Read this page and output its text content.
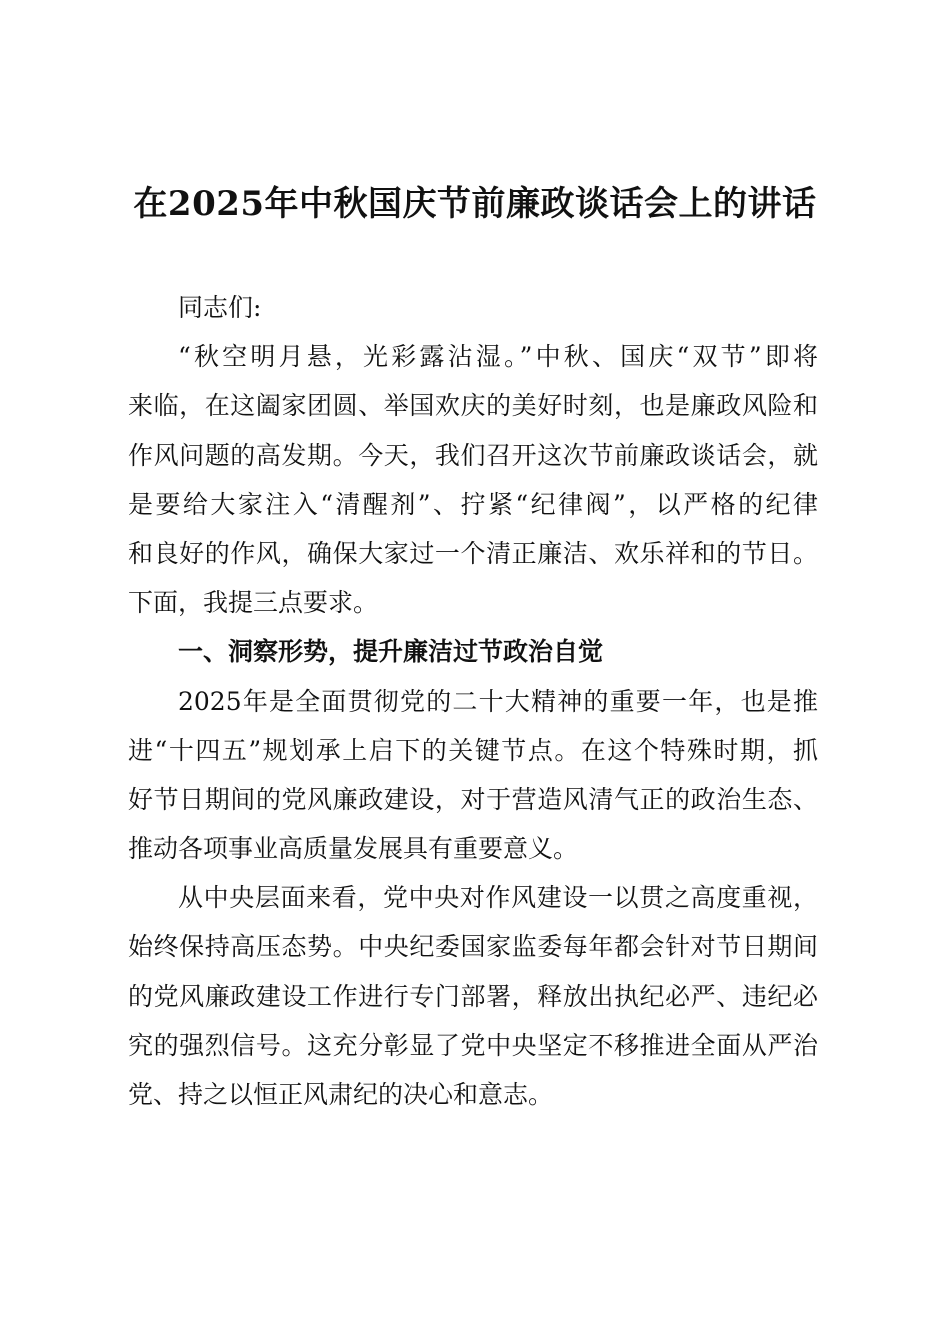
在2025年中秋国庆节前廉政谈话会上的讲话
同志们:
“秋空明月悬，光彩露沾湿。”中秋、国庆“双节”即将
来临，在这阖家团圆、举国欢庆的美好时刻，也是廉政风险和
作风问题的高发期。今天，我们召开这次节前廉政谈话会，就
是要给大家注入“清醒剂”、拧紧“纪律阀”，以严格的纪律
和良好的作风，确保大家过一个清正廉洁、欢乐祥和的节日。
下面，我提三点要求。
一、洞察形势，提升廉洁过节政治自觉
2025年是全面贯彻党的二十大精神的重要一年，也是推
进“十四五”规划承上启下的关键节点。在这个特殊时期，抓
好节日期间的党风廉政建设，对于营造风清气正的政治生态、
推动各项事业高质量发展具有重要意义。
从中央层面来看，党中央对作风建设一以贯之高度重视，
始终保持高压态势。中央纪委国家监委每年都会针对节日期间
的党风廉政建设工作进行专门部署，释放出执纪必严、违纪必
究的强烈信号。这充分彰显了党中央坚定不移推进全面从严治
党、持之以恒正风肃纪的决心和意志。
